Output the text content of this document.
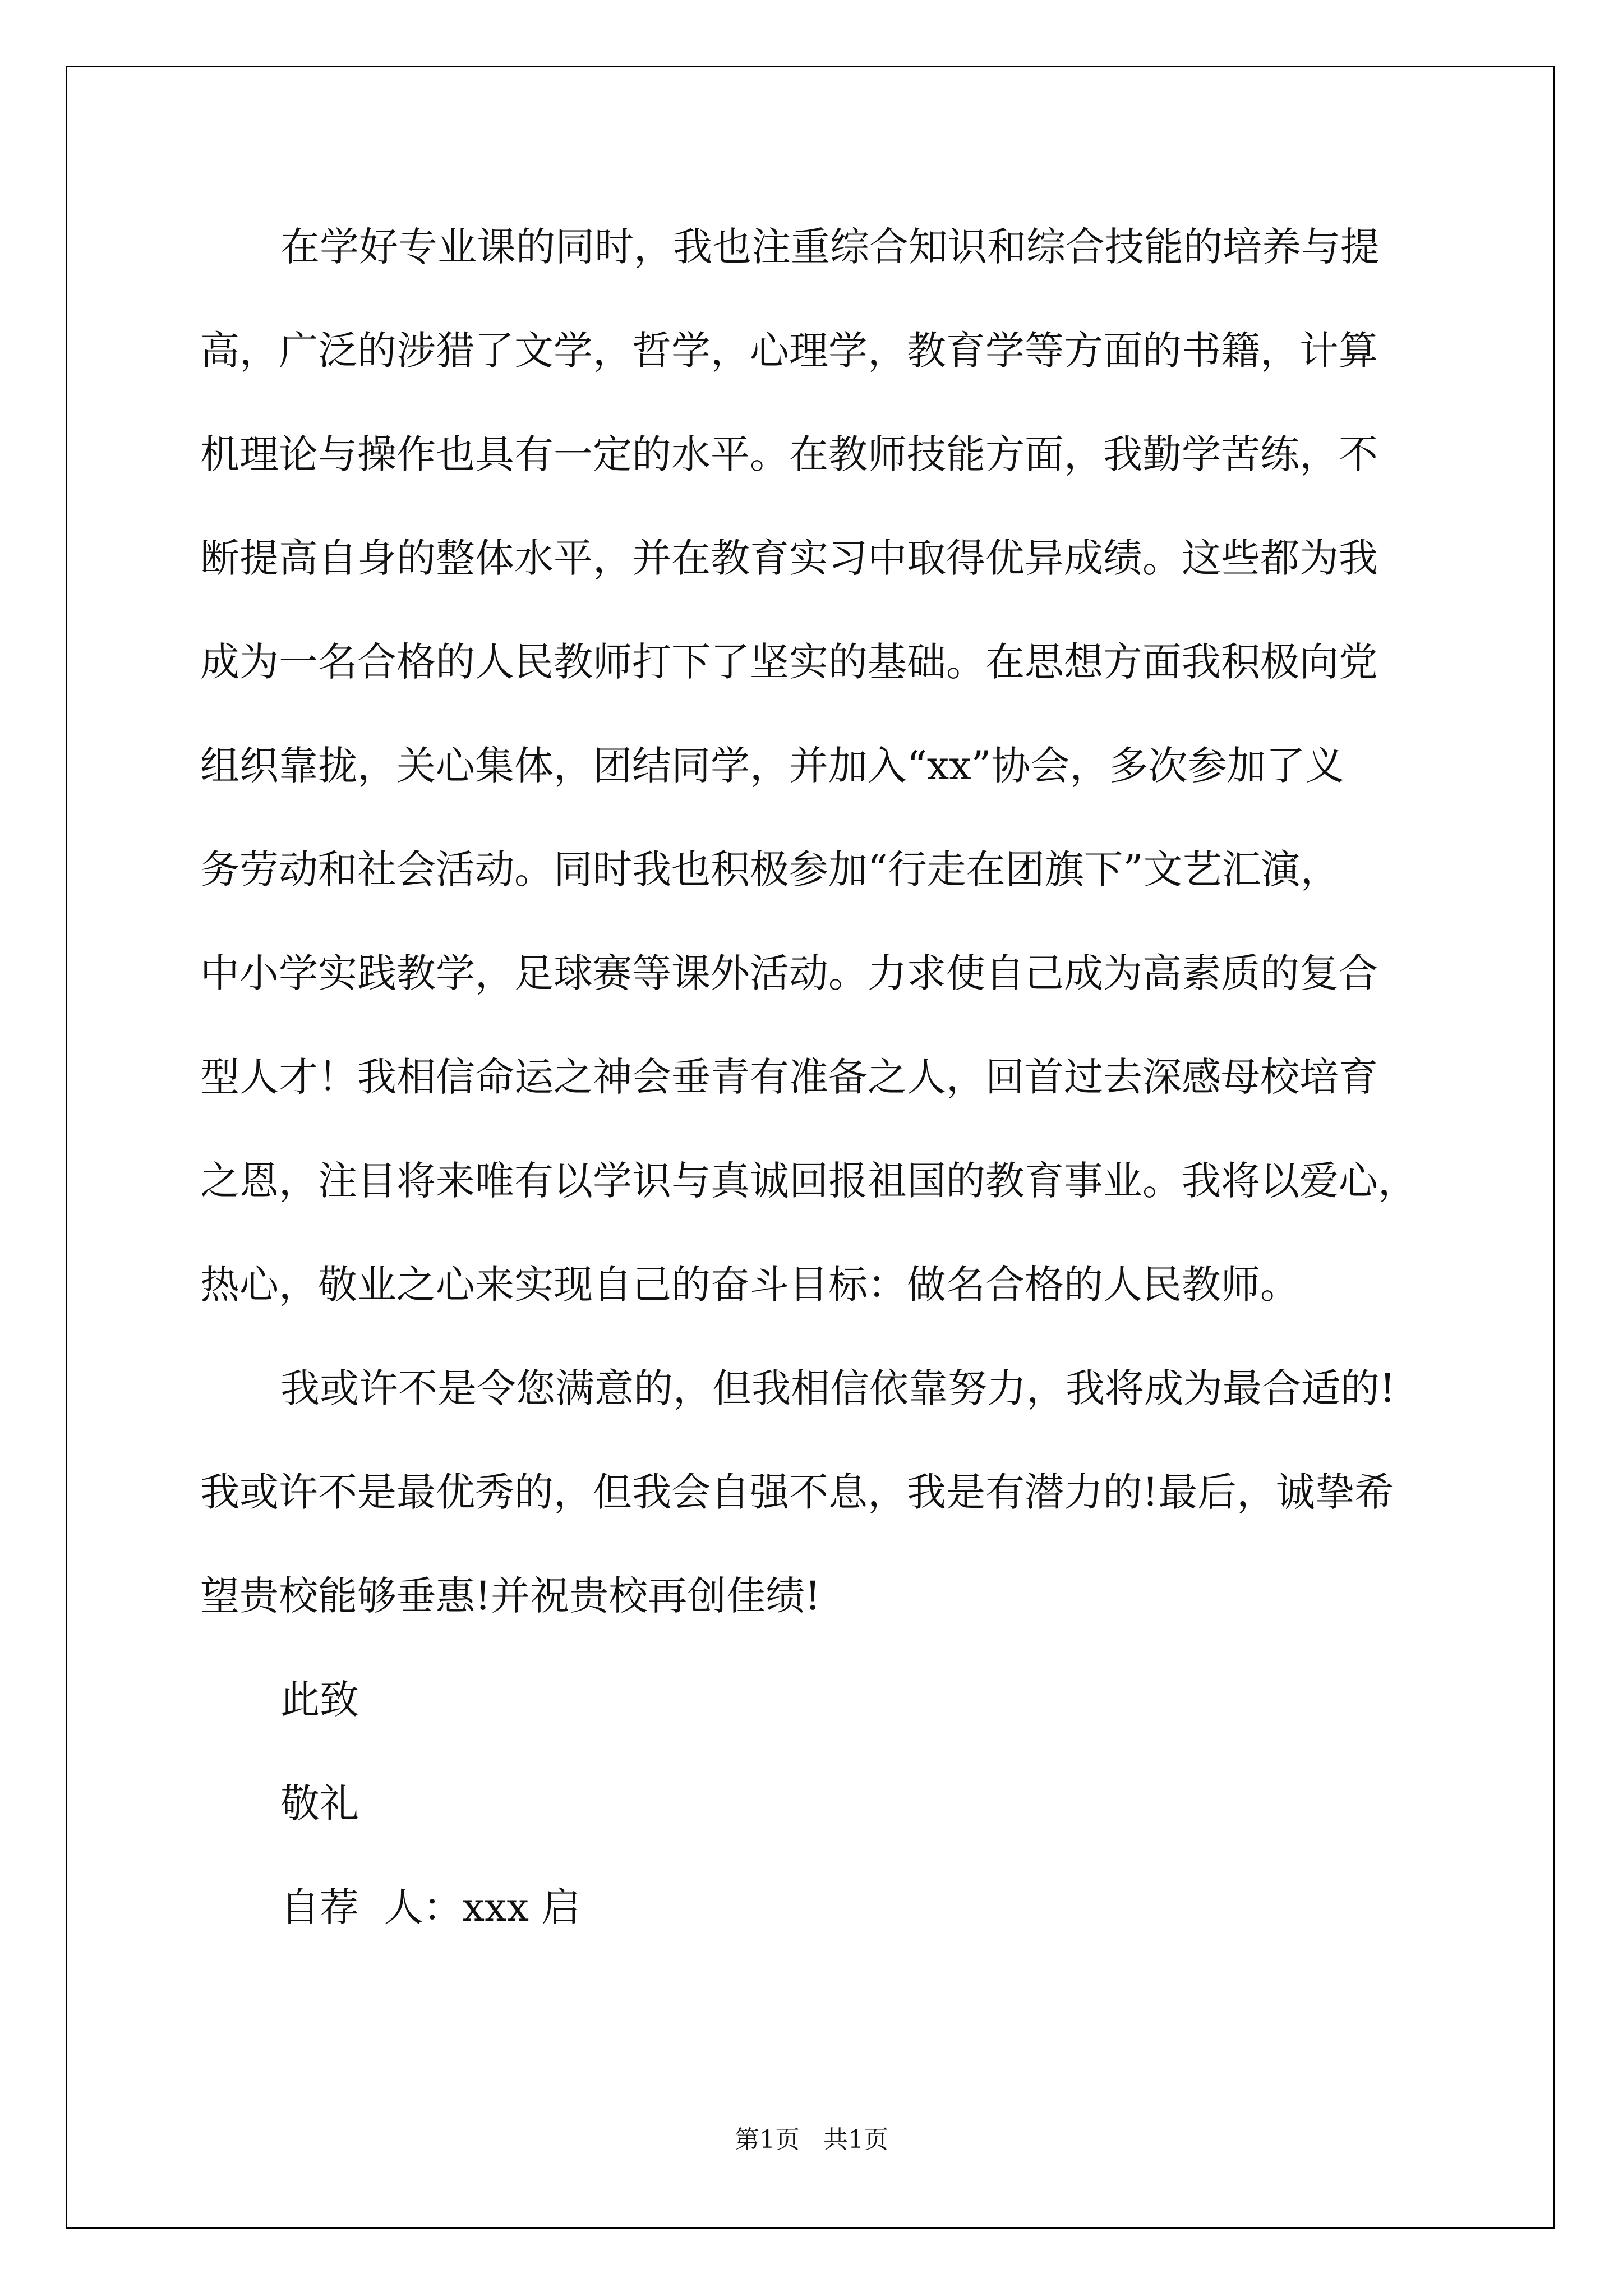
在学好专业课的同时，我也注重综合知识和综合技能的培养与提
高，广泛的涉猎了文学，哲学，心理学，教育学等方面的书籍，计算
机理论与操作也具有一定的水平。在教师技能方面，我勤学苦练，不
断提高自身的整体水平，并在教育实习中取得优异成绩。这些都为我
成为一名合格的人民教师打下了坚实的基础。在思想方面我积极向党
组织靠拢，关心集体，团结同学，并加入“xx”协会，多次参加了义
务劳动和社会活动。同时我也积极参加“行走在团旗下”文艺汇演，
中小学实践教学，足球赛等课外活动。力求使自己成为高素质的复合
型人才！我相信命运之神会垂青有准备之人，回首过去深感母校培育
之恩，注目将来唯有以学识与真诚回报祖国的教育事业。我将以爱心，
热心，敬业之心来实现自己的奋斗目标：做名合格的人民教师。
我或许不是令您满意的，但我相信依靠努力，我将成为最合适的!
我或许不是最优秀的，但我会自强不息，我是有潜力的!最后，诚挚希
望贵校能够垂惠!并祝贵校再创佳绩!
此致
敬礼
自荐  人：xxx 启
第1页   共1页
